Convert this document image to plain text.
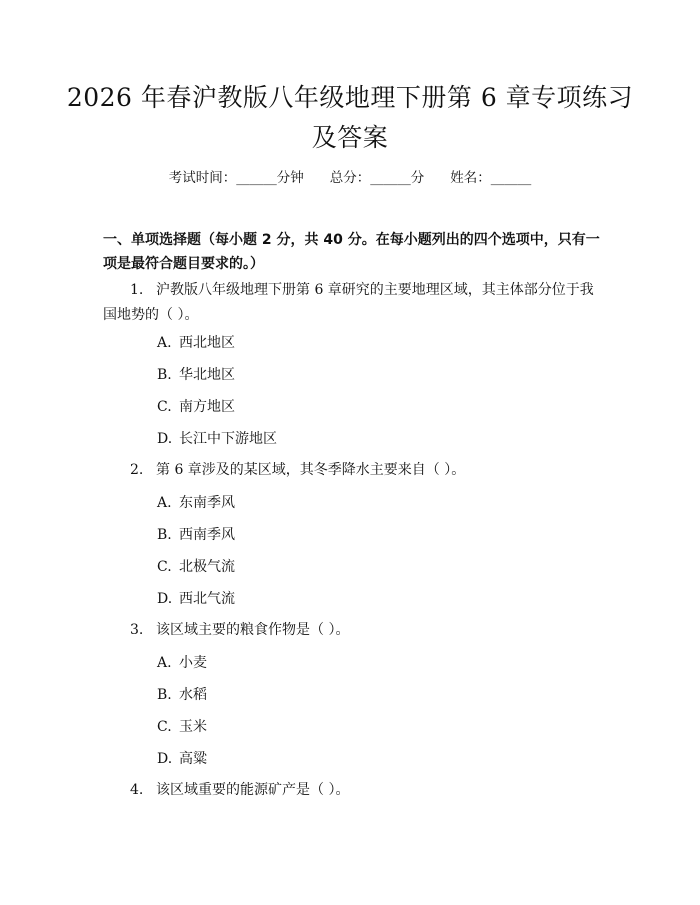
2026 年春沪教版八年级地理下册第 6 章专项练习及答案
考试时间：______分钟 总分：______分 姓名：______
一、单项选择题（每小题 2 分，共 40 分。在每小题列出的四个选项中，只有一项是最符合题目要求的。）
1. 沪教版八年级地理下册第 6 章研究的主要地理区域，其主体部分位于我国地势的（ ）。
A. 西北地区
B. 华北地区
C. 南方地区
D. 长江中下游地区
2. 第 6 章涉及的某区域，其冬季降水主要来自（ ）。
A. 东南季风
B. 西南季风
C. 北极气流
D. 西北气流
3. 该区域主要的粮食作物是（ ）。
A. 小麦
B. 水稻
C. 玉米
D. 高粱
4. 该区域重要的能源矿产是（ ）。
